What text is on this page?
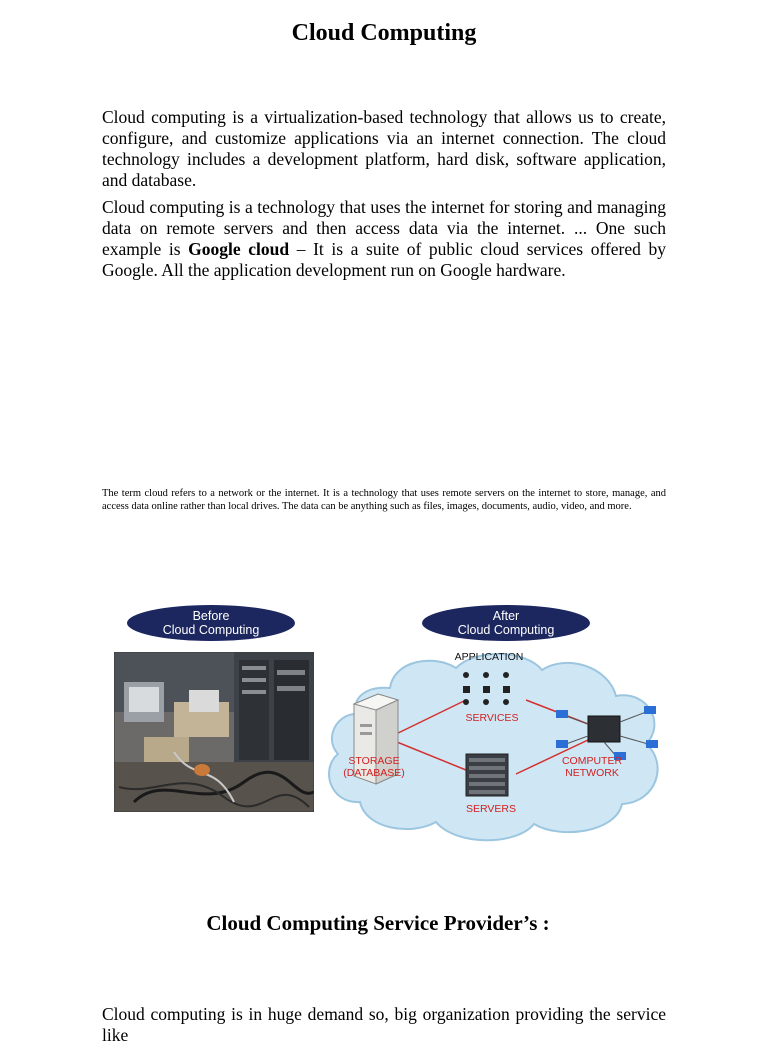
Cloud Computing

Cloud computing is a virtualization-based technology that allows us to create, configure, and customize applications via an internet connection. The cloud technology includes a development platform, hard disk, software application, and database.

Cloud computing is a technology that uses the internet for storing and managing data on remote servers and then access data via the internet. ... One such example is Google cloud – It is a suite of public cloud services offered by Google. All the application development run on Google hardware.

The term cloud refers to a network or the internet. It is a technology that uses remote servers on the internet to store, manage, and access data online rather than local drives. The data can be anything such as files, images, documents, audio, video, and more.

Before
Cloud Computing
After
Cloud Computing
APPLICATION
SERVICES
STORAGE
(DATABASE)
SERVERS
COMPUTER
NETWORK
Cloud Computing Service Provider’s :

Cloud computing is in huge demand so, big organization providing the service like
